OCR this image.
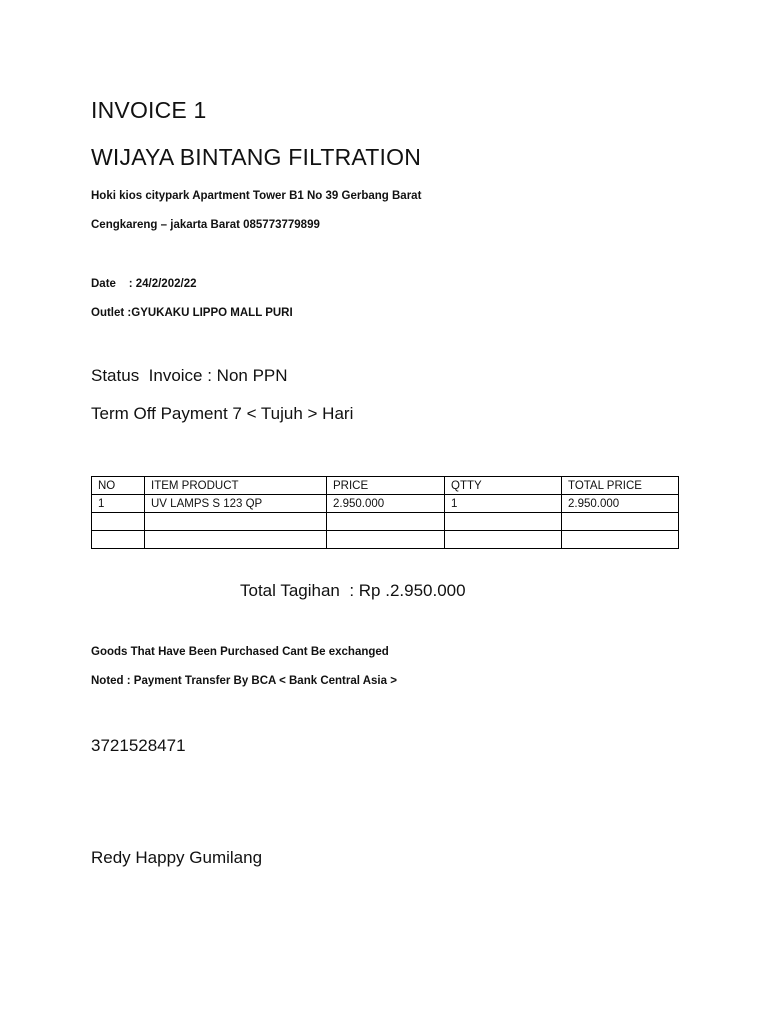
INVOICE 1
WIJAYA BINTANG FILTRATION
Hoki kios citypark Apartment Tower B1 No 39 Gerbang Barat
Cengkareng – jakarta Barat 085773779899
Date    : 24/2/202/22
Outlet :GYUKAKU LIPPO MALL PURI
Status  Invoice : Non PPN
Term Off Payment 7 < Tujuh > Hari
NO	ITEM PRODUCT	PRICE	QTTY	TOTAL PRICE
1	UV LAMPS S 123 QP	2.950.000	1	2.950.000

Total Tagihan  : Rp .2.950.000
Goods That Have Been Purchased Cant Be exchanged
Noted : Payment Transfer By BCA < Bank Central Asia >
3721528471
Redy Happy Gumilang
